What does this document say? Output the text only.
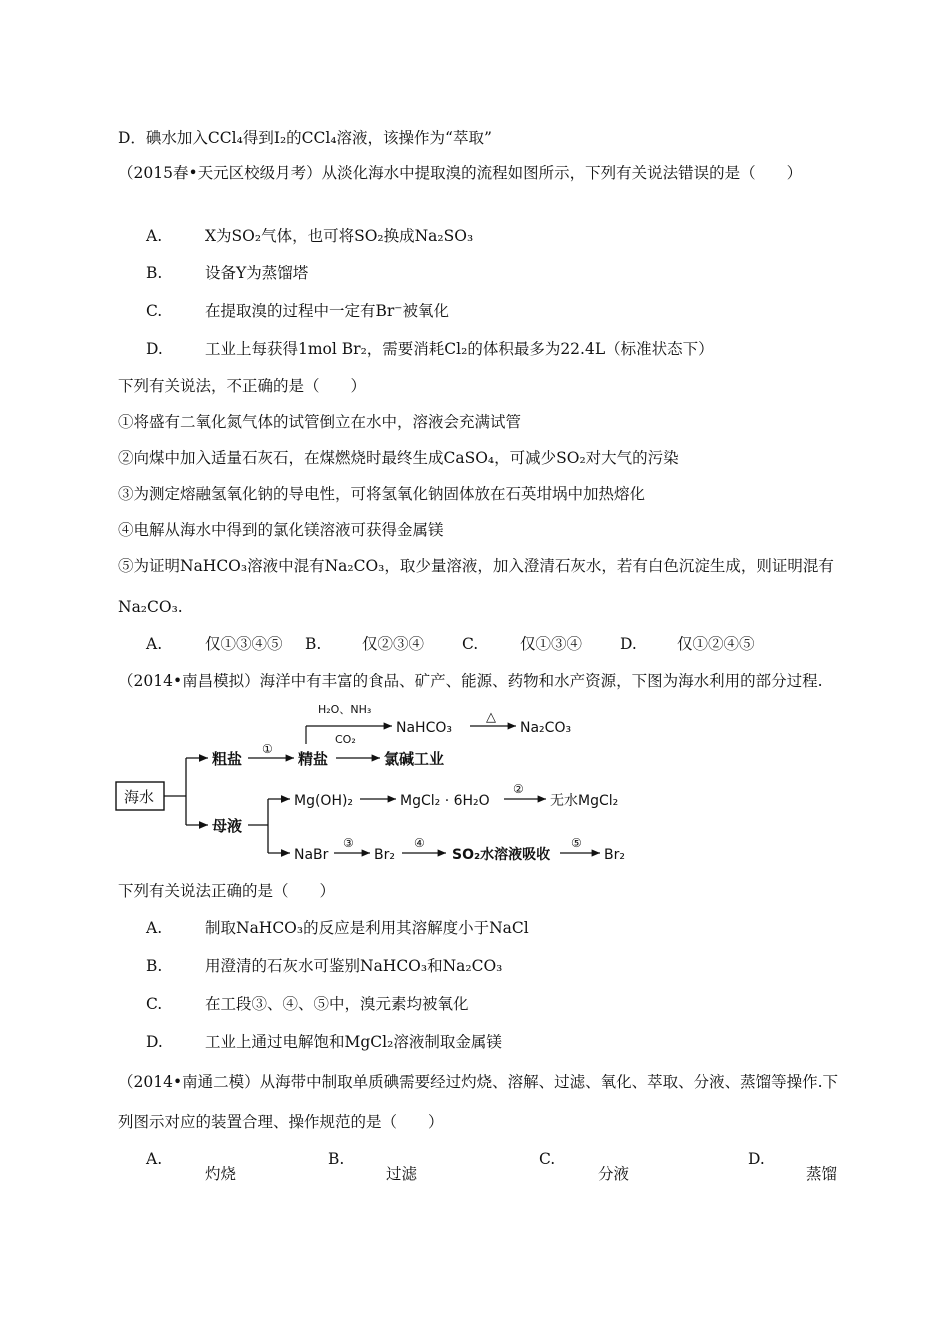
D．碘水加入CCl₄得到I₂的CCl₄溶液，该操作为“萃取”
（2015春•天元区校级月考）从淡化海水中提取溴的流程如图所示，下列有关说法错误的是（　　）
A.	X为SO₂气体，也可将SO₂换成Na₂SO₃
B.	设备Y为蒸馏塔
C.	在提取溴的过程中一定有Br⁻被氧化
D.	工业上每获得1mol Br₂，需要消耗Cl₂的体积最多为22.4L（标准状态下）
下列有关说法，不正确的是（　　）
①将盛有二氧化氮气体的试管倒立在水中，溶液会充满试管
②向煤中加入适量石灰石，在煤燃烧时最终生成CaSO₄，可减少SO₂对大气的污染
③为测定熔融氢氧化钠的导电性，可将氢氧化钠固体放在石英坩埚中加热熔化
④电解从海水中得到的氯化镁溶液可获得金属镁
⑤为证明NaHCO₃溶液中混有Na₂CO₃，取少量溶液，加入澄清石灰水，若有白色沉淀生成，则证明混有
Na₂CO₃.
A.	仅①③④⑤ B.	仅②③④ C.	仅①③④ D.	仅①②④⑤
（2014•南昌模拟）海洋中有丰富的食品、矿产、能源、药物和水产资源，下图为海水利用的部分过程.
海水
粗盐
①
精盐
H₂O、NH₃
CO₂
NaHCO₃
△
Na₂CO₃
氯碱工业
母液
Mg(OH)₂	MgCl₂ · 6H₂O
②
无水MgCl₂
NaBr
③
Br₂
④
SO₂水溶液吸收
⑤
Br₂
下列有关说法正确的是（　　）
A.	制取NaHCO₃的反应是利用其溶解度小于NaCl
B.	用澄清的石灰水可鉴别NaHCO₃和Na₂CO₃
C.	在工段③、④、⑤中，溴元素均被氧化
D.	工业上通过电解饱和MgCl₂溶液制取金属镁
（2014•南通二模）从海带中制取单质碘需要经过灼烧、溶解、过滤、氧化、萃取、分液、蒸馏等操作.下
列图示对应的装置合理、操作规范的是（　　）
A.
灼烧
B.
过滤
C.
分液
D.
蒸馏
